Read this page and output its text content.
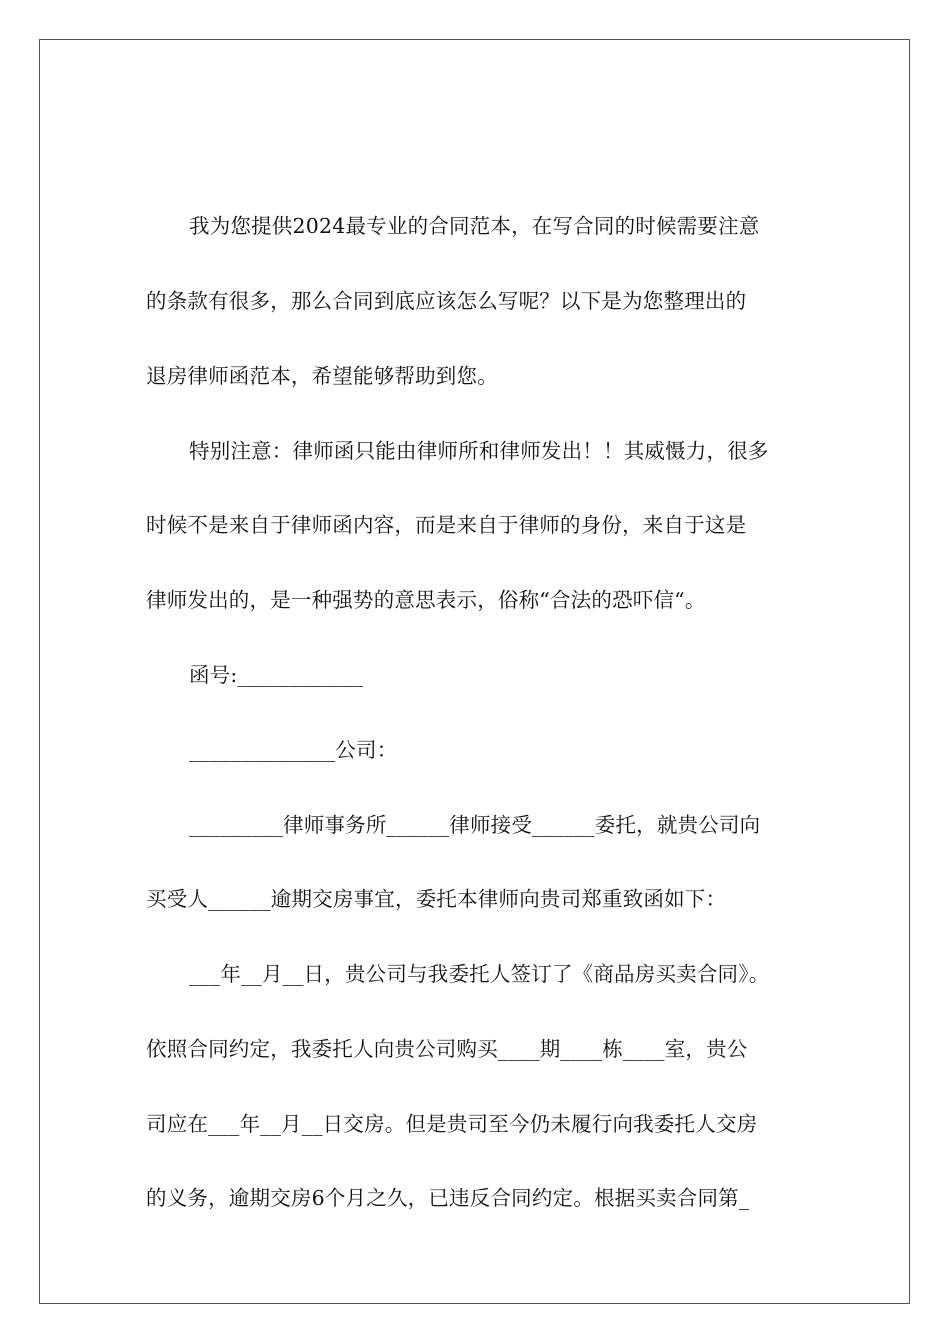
我为您提供2024最专业的合同范本，在写合同的时候需要注意
的条款有很多，那么合同到底应该怎么写呢？以下是为您整理出的
退房律师函范本，希望能够帮助到您。
特别注意：律师函只能由律师所和律师发出！！其威慑力，很多
时候不是来自于律师函内容，而是来自于律师的身份，来自于这是
律师发出的，是一种强势的意思表示，俗称“合法的恐吓信“。
函号:____________
______________公司：
_________律师事务所______律师接受______委托，就贵公司向
买受人______逾期交房事宜，委托本律师向贵司郑重致函如下：
___年__月__日，贵公司与我委托人签订了《商品房买卖合同》。
依照合同约定，我委托人向贵公司购买____期____栋____室，贵公
司应在___年__月__日交房。但是贵司至今仍未履行向我委托人交房
的义务，逾期交房6个月之久，已违反合同约定。根据买卖合同第_
